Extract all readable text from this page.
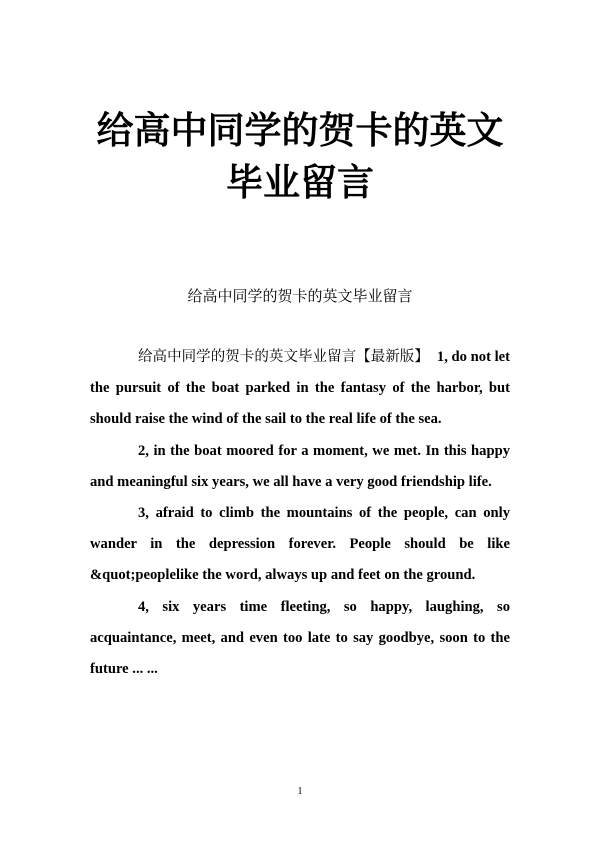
给高中同学的贺卡的英文
毕业留言

给高中同学的贺卡的英文毕业留言

给高中同学的贺卡的英文毕业留言【最新版】 1, do not let the pursuit of the boat parked in the fantasy of the harbor, but should raise the wind of the sail to the real life of the sea.

2, in the boat moored for a moment, we met. In this happy and meaningful six years, we all have a very good friendship life.

3, afraid to climb the mountains of the people, can only wander in the depression forever. People should be like &quot;peoplelike the word, always up and feet on the ground.

4, six years time fleeting, so happy, laughing, so acquaintance, meet, and even too late to say goodbye, soon to the future ... ...

1
